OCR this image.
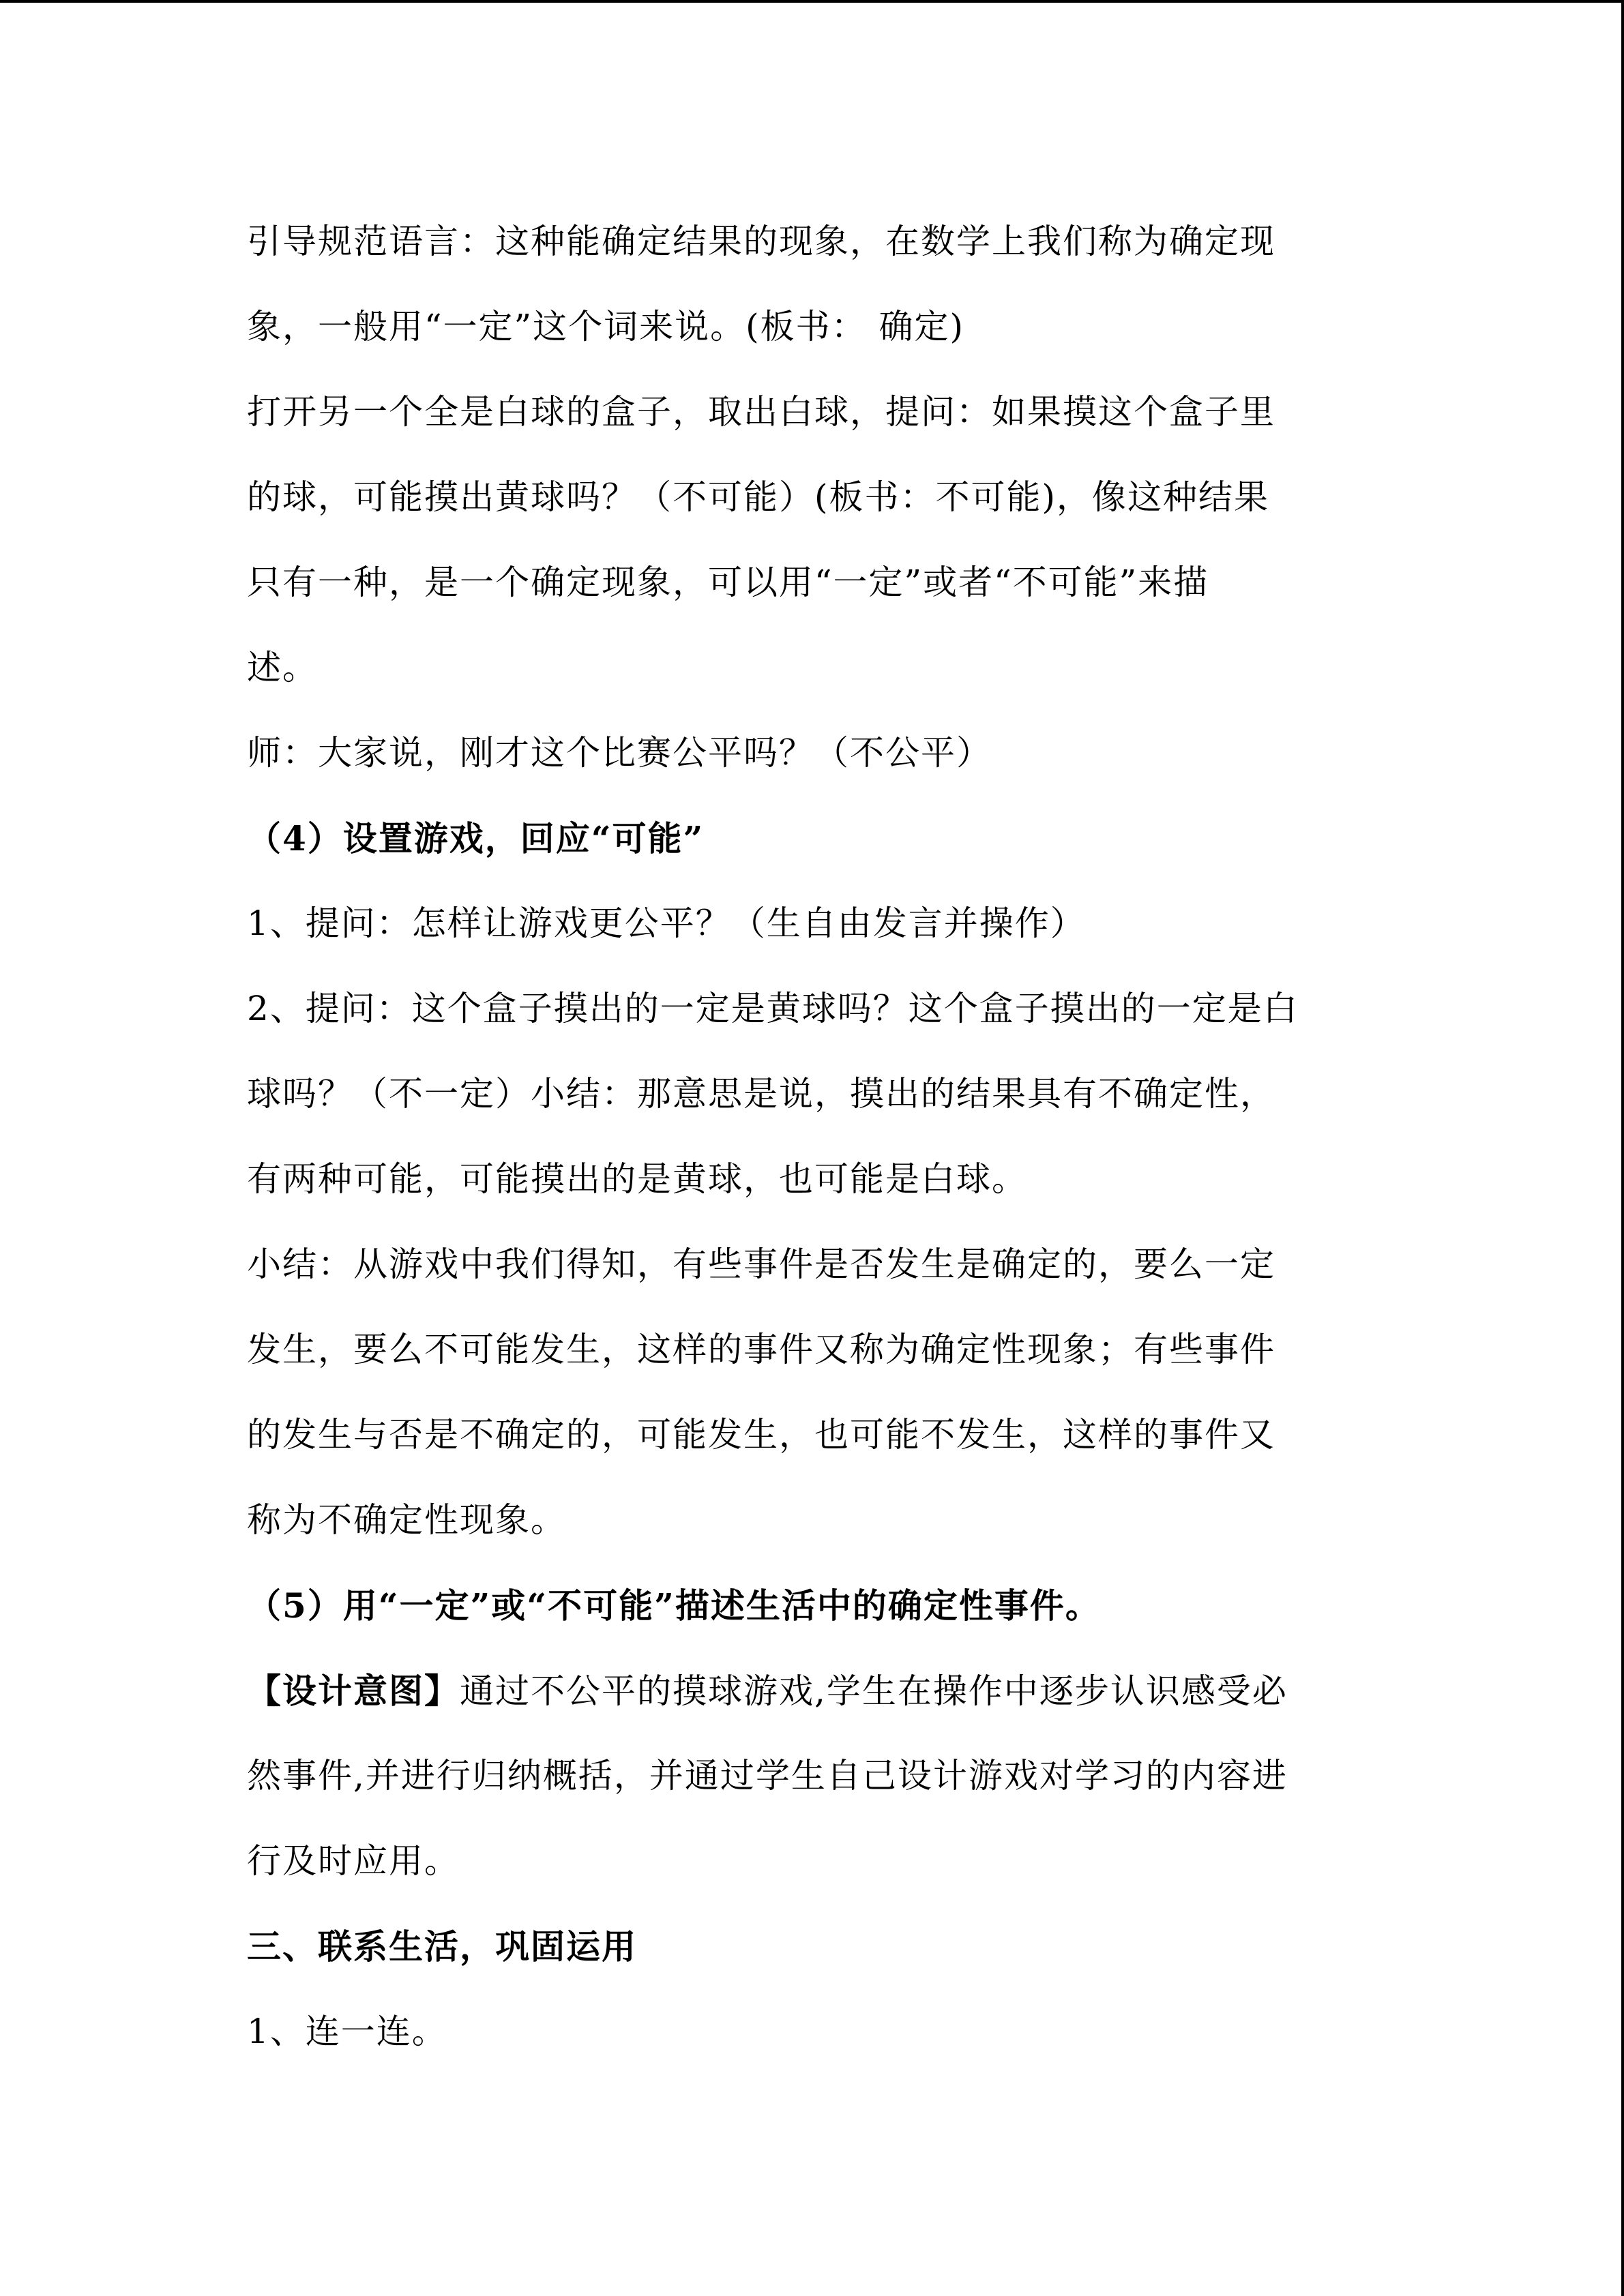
引导规范语言：这种能确定结果的现象，在数学上我们称为确定现
象，一般用“一定”这个词来说。(板书： 确定)
打开另一个全是白球的盒子，取出白球，提问：如果摸这个盒子里
的球，可能摸出黄球吗？（不可能）(板书：不可能)，像这种结果
只有一种，是一个确定现象，可以用“一定”或者“不可能”来描
述。
师：大家说，刚才这个比赛公平吗？（不公平）
（4）设置游戏，回应“可能”
1、提问：怎样让游戏更公平？（生自由发言并操作）
2、提问：这个盒子摸出的一定是黄球吗？这个盒子摸出的一定是白
球吗？（不一定）小结：那意思是说，摸出的结果具有不确定性，
有两种可能，可能摸出的是黄球，也可能是白球。
小结：从游戏中我们得知，有些事件是否发生是确定的，要么一定
发生，要么不可能发生，这样的事件又称为确定性现象；有些事件
的发生与否是不确定的，可能发生，也可能不发生，这样的事件又
称为不确定性现象。
（5）用“一定”或“不可能”描述生活中的确定性事件。
【设计意图】通过不公平的摸球游戏,学生在操作中逐步认识感受必
然事件,并进行归纳概括，并通过学生自己设计游戏对学习的内容进
行及时应用。
三、联系生活，巩固运用
1、连一连。
